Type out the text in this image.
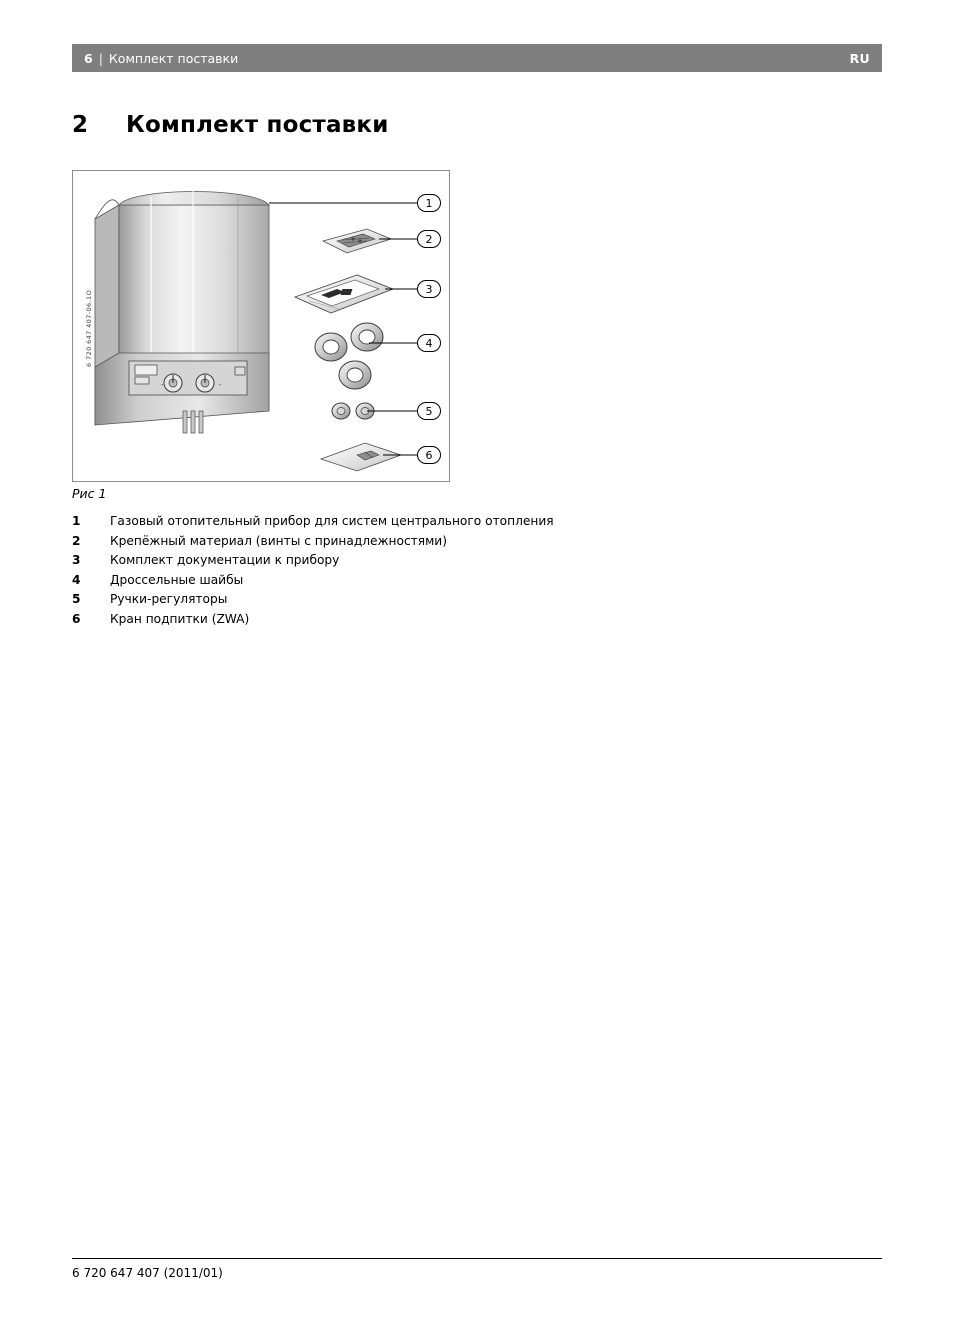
6 | Комплект поставки	RU
2	Комплект поставки
6 720 647 407-06.1O
-	-
1
2
3
4
5
6
Рис 1
1	Газовый отопительный прибор для систем центрального отопления
2	Крепёжный материал (винты с принадлежностями)
3	Комплект документации к прибору
4	Дроссельные шайбы
5	Ручки-регуляторы
6	Кран подпитки (ZWA)
6 720 647 407 (2011/01)
